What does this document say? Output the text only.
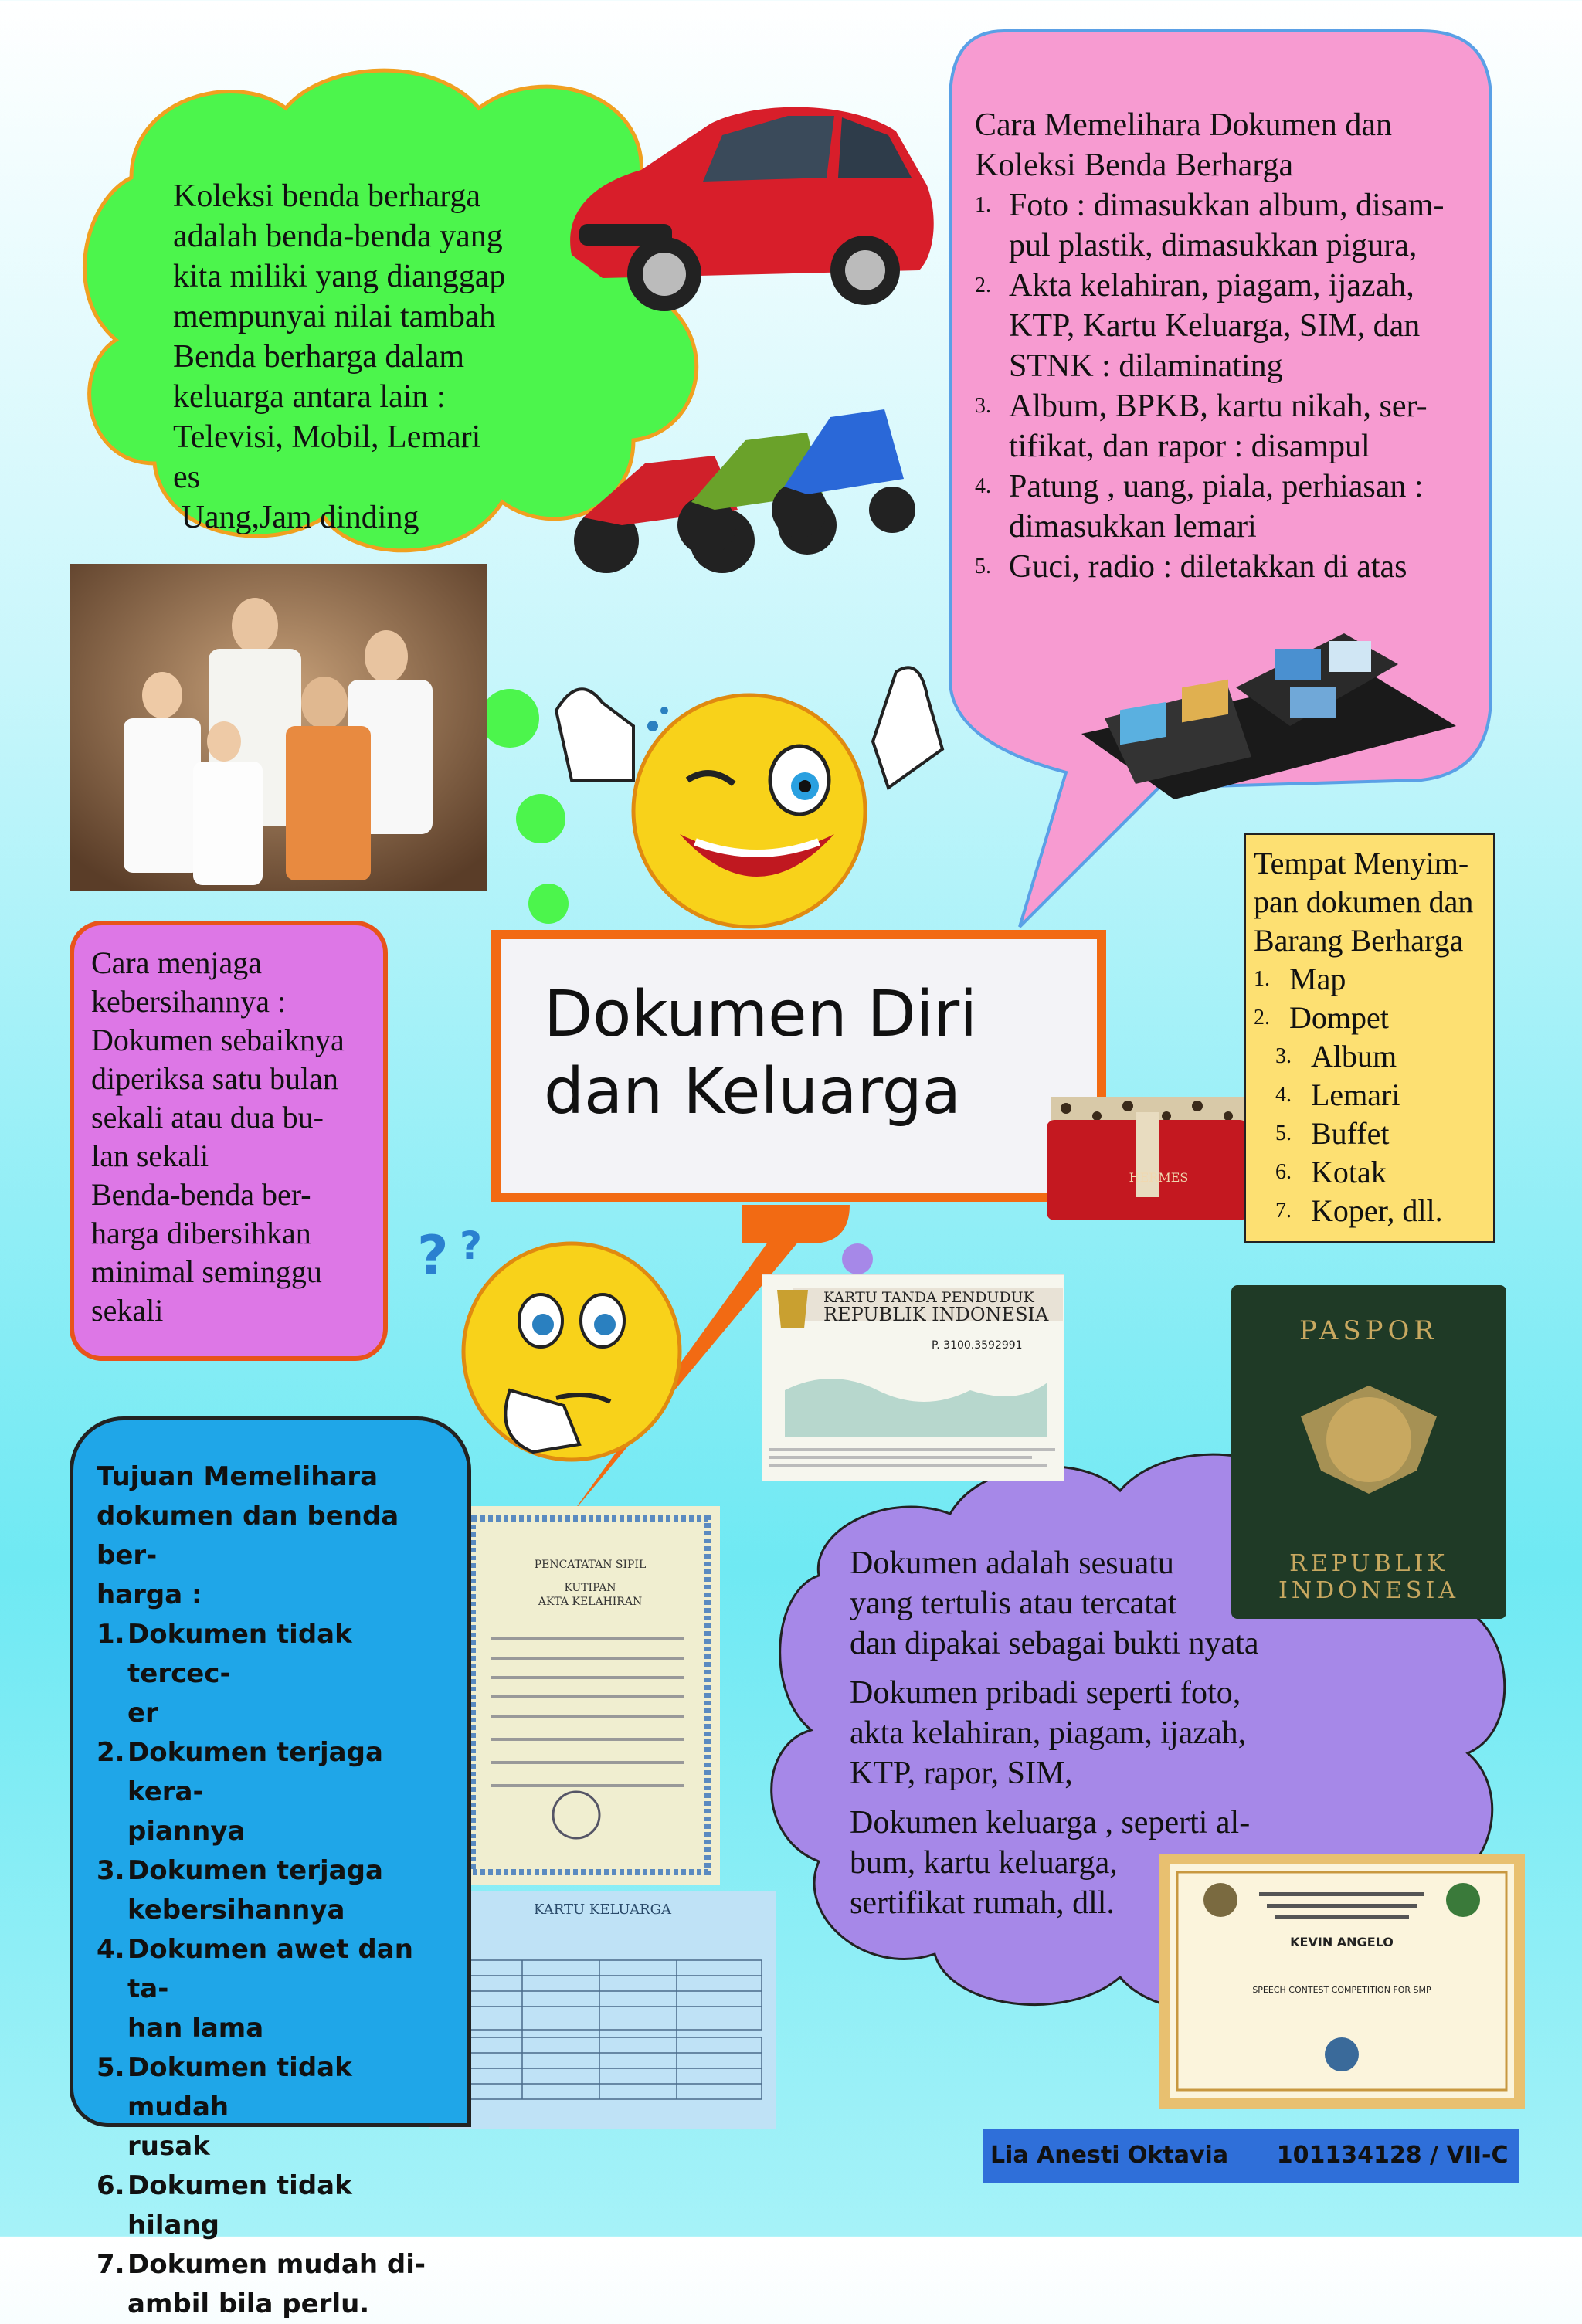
Koleksi benda berharga
adalah benda-benda yang
kita miliki yang dianggap
mempunyai nilai tambah
Benda berharga dalam
keluarga antara lain :
Televisi, Mobil, Lemari
es
Uang,Jam dinding
? ?
Cara Memelihara Dokumen dan
Koleksi Benda Berharga
1. Foto : dimasukkan album, disam-
pul plastik, dimasukkan pigura,
2. Akta kelahiran, piagam, ijazah,
KTP, Kartu Keluarga, SIM, dan
STNK : dilaminating
3. Album, BPKB, kartu nikah, ser-
tifikat, dan rapor : disampul
4. Patung , uang, piala, perhiasan :
dimasukkan lemari
5. Guci, radio : diletakkan di atas
Cara menjaga
kebersihannya :
Dokumen sebaiknya
diperiksa satu bulan
sekali atau dua bu-
lan sekali
Benda-benda ber-
harga dibersihkan
minimal seminggu
sekali
Dokumen Diri
dan Keluarga
HERMES
Tempat Menyim-
pan dokumen dan
Barang Berharga
1. Map
2. Dompet
3. Album
4. Lemari
5. Buffet
6. Kotak
7. Koper, dll.
KARTU TANDA PENDUDUK
REPUBLIK INDONESIA
P. 3100.3592991	PASPOR
REPUBLIK
INDONESIA
PENCATATAN SIPIL
KUTIPAN
AKTA KELAHIRAN
KARTU KELUARGA
Tujuan Memelihara
dokumen dan benda ber-
harga :
1. Dokumen tidak tercec-
er
2. Dokumen terjaga kera-
piannya
3. Dokumen terjaga
kebersihannya
4. Dokumen awet dan ta-
han lama
5. Dokumen tidak mudah
rusak
6. Dokumen tidak hilang
7. Dokumen mudah di-
ambil bila perlu.

Dokumen adalah sesuatu
yang tertulis atau tercatat
dan dipakai sebagai bukti nyata

Dokumen pribadi seperti foto,
akta kelahiran, piagam, ijazah,
KTP, rapor, SIM,

Dokumen keluarga , seperti al-
bum, kartu keluarga,
sertifikat rumah, dll.

KEVIN ANGELO
SPEECH CONTEST COMPETITION FOR SMP
Lia Anesti Oktavia 101134128 / VII-C
